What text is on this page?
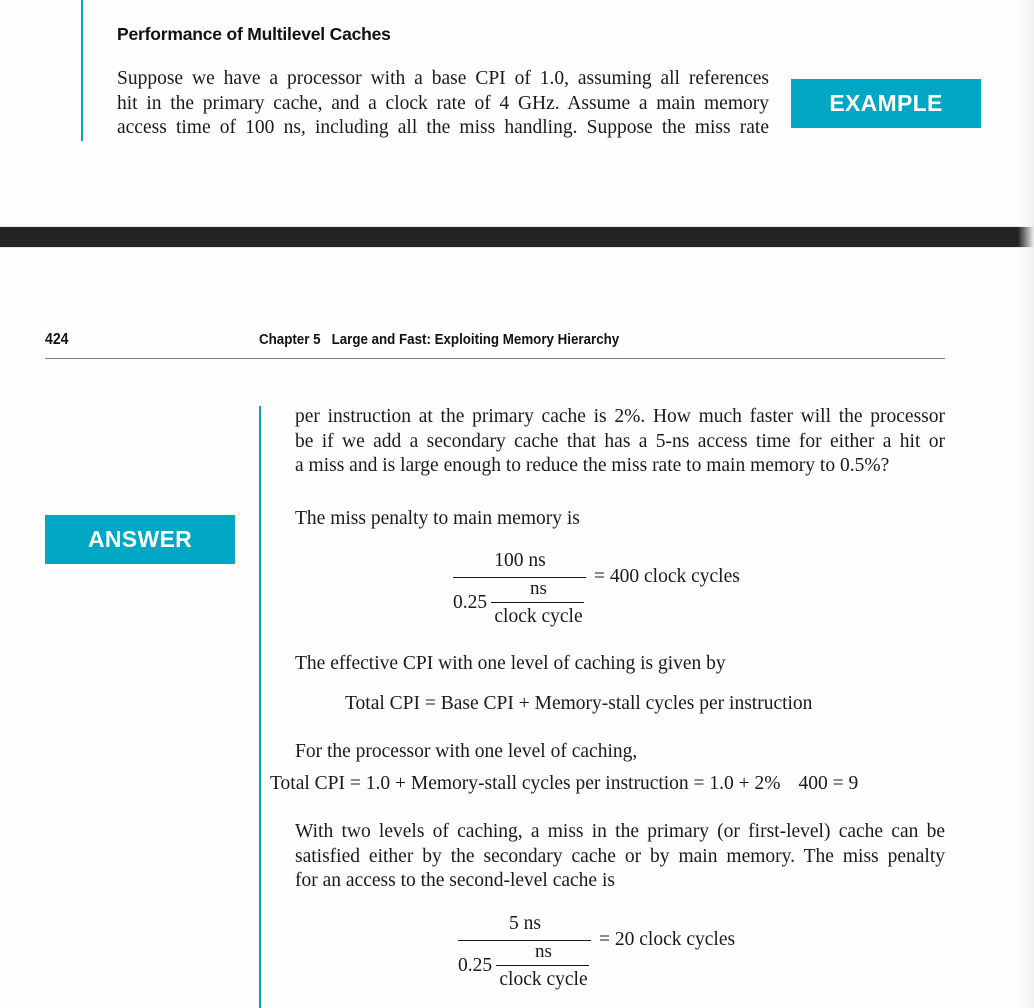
Performance of Multilevel Caches
Suppose we have a processor with a base CPI of 1.0, assuming all references
hit in the primary cache, and a clock rate of 4 GHz. Assume a main memory
access time of 100 ns, including all the miss handling. Suppose the miss rate
EXAMPLE
424	Chapter 5 Large and Fast: Exploiting Memory Hierarchy
ANSWER
per instruction at the primary cache is 2%. How much faster will the processor
be if we add a secondary cache that has a 5-ns access time for either a hit or
a miss and is large enough to reduce the miss rate to main memory to 0.5%?
The miss penalty to main memory is
100 ns
0.25
ns
clock cycle
= 400 clock cycles
The effective CPI with one level of caching is given by
Total CPI = Base CPI + Memory-stall cycles per instruction
For the processor with one level of caching,
Total CPI = 1.0 + Memory-stall cycles per instruction = 1.0 + 2% 400 = 9
With two levels of caching, a miss in the primary (or first-level) cache can be
satisfied either by the secondary cache or by main memory. The miss penalty
for an access to the second-level cache is
5 ns
0.25
ns
clock cycle
= 20 clock cycles
